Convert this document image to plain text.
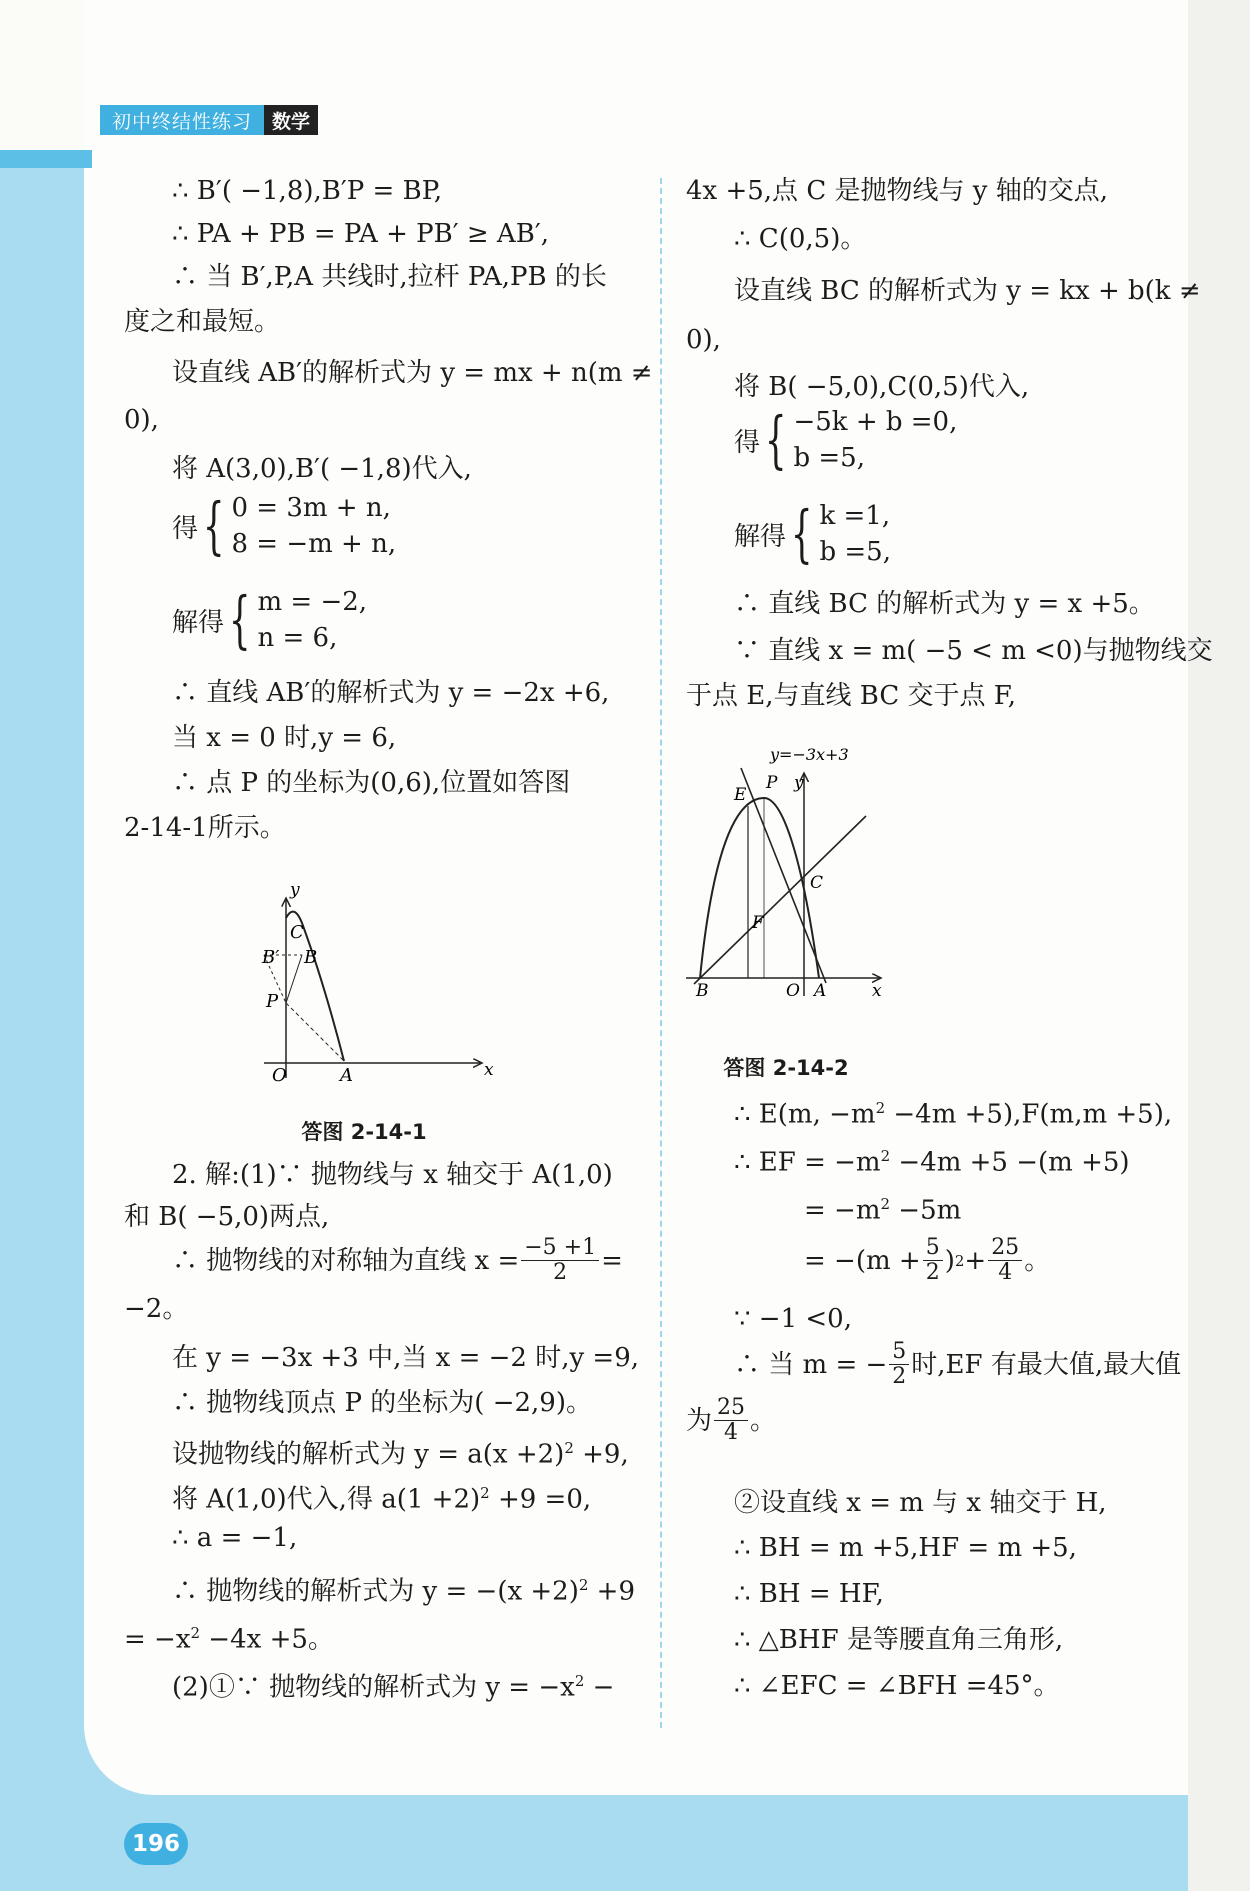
初中终结性练习	数学
∴ B′( −1,8),B′P = BP,
∴ PA + PB = PA + PB′ ≥ AB′,
∴ 当 B′,P,A 共线时,拉杆 PA,PB 的长
度之和最短。
设直线 AB′的解析式为 y = mx + n(m ≠
0),
将 A(3,0),B′( −1,8)代入,
得 { 0 = 3m + n,
8 = −m + n,
解得 { m = −2,
n = 6,
∴ 直线 AB′的解析式为 y = −2x +6,
当 x = 0 时,y = 6,
∴ 点 P 的坐标为(0,6),位置如答图
2-14-1所示。
y
x
C
B′ B
P
O	A
答图 2-14-1
2. 解:(1)∵ 抛物线与 x 轴交于 A(1,0)
和 B( −5,0)两点,
∴ 抛物线的对称轴为直线 $x = \frac{-5 +1}{2}$ =
−2。
在 y = −3x +3 中,当 x = −2 时,y =9,
∴ 抛物线顶点 P 的坐标为( −2,9)。
设抛物线的解析式为 $y = a(x +2)^2 +9$,
将 A(1,0)代入,得 $a(1 +2)^2 +9 =0$,
∴ a = −1,
∴ 抛物线的解析式为 $y = -(x +2)^2 +9$
= $-x^2 -4x +5$。
(2)①∵ 抛物线的解析式为 $y = -x^2$ −
4x +5,点 C 是抛物线与 y 轴的交点,
∴ C(0,5)。
设直线 BC 的解析式为 y = kx + b(k ≠
0),
将 B( −5,0),C(0,5)代入,
得 { −5k + b =0,
b =5,
解得 { k =1,
b =5,
∴ 直线 BC 的解析式为 y = x +5。
∵ 直线 x = m( −5 < m <0)与抛物线交
于点 E,与直线 BC 交于点 F,
y=−3x+3
E
P y
C
F
B	O A	x
答图 2-14-2
∴ E(m, $-m^2 -4m +5),F(m,m +5)$,
∴ EF = $-m^2 -4m +5 -(m +5)$
= $-m^2 -5m$
= $-(m + \frac{5}{2}$ ) $2 + \frac{25}{4}$ 。
∵ −1 <0,
∴ 当 m = − $\frac{5}{2}$ 时,EF 有最大值,最大值
为 $\frac{25}{4}$ 。
②设直线 x = m 与 x 轴交于 H,
∴ BH = m +5,HF = m +5,
∴ BH = HF,
∴ △BHF 是等腰直角三角形,
∴ ∠EFC = ∠BFH =45°。
196
